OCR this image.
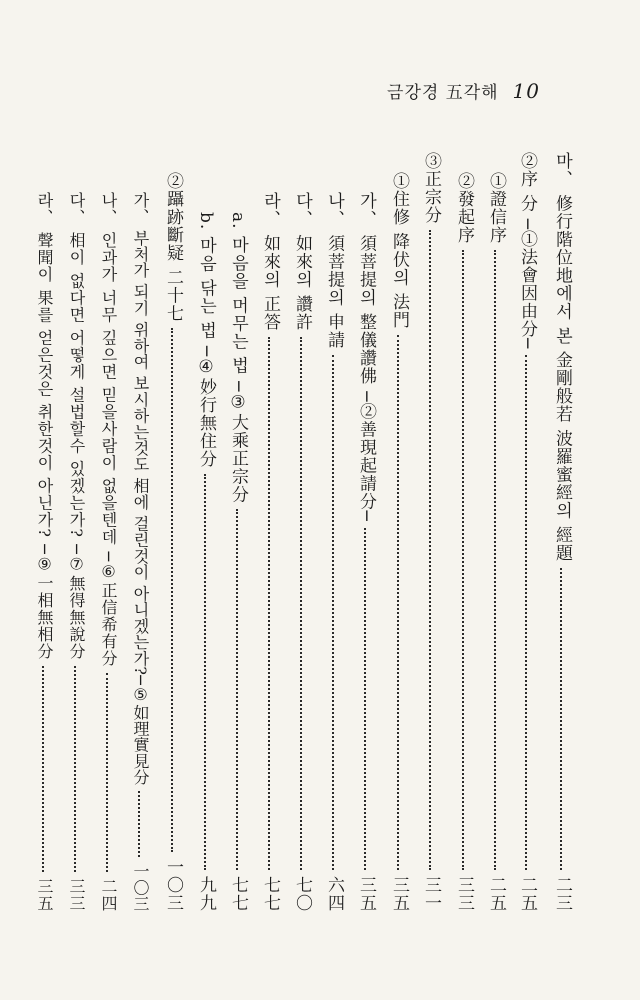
금강경 五각해 10
마、 修行階位地에서 본 金剛般若 波羅蜜經의 經題
二三
②序 分 ─①法會因由分─
二五
①證信序
二五
②發起序
三三
③正宗分
三一
①住修 降伏의 法門
三五
가、 須菩提의 整儀讚佛 ─②善現起請分─
三五
나、 須菩提의 申請
六四
다、 如來의 讚許
七〇
라、 如來의 正答
七七
a. 마음을 머무는 법 ─③大乘正宗分
七七
b. 마음 닦는 법 ─④妙行無住分
九九
②躡跡斷疑 二十七
一〇三
가、 부처가 되기 위하여 보시하는것도 相에 걸린것이 아니겠는가?─⑤如理實見分
一〇三
나、 인과가 너무 깊으면 믿을사람이 없을텐데 ─⑥正信希有分
二四
다、 相이 없다면 어떻게 설법할수 있겠는가? ─⑦無得無說分
三三
라、 聲聞이 果를 얻은것은 취한것이 아닌가? ─⑨一相無相分
三五
